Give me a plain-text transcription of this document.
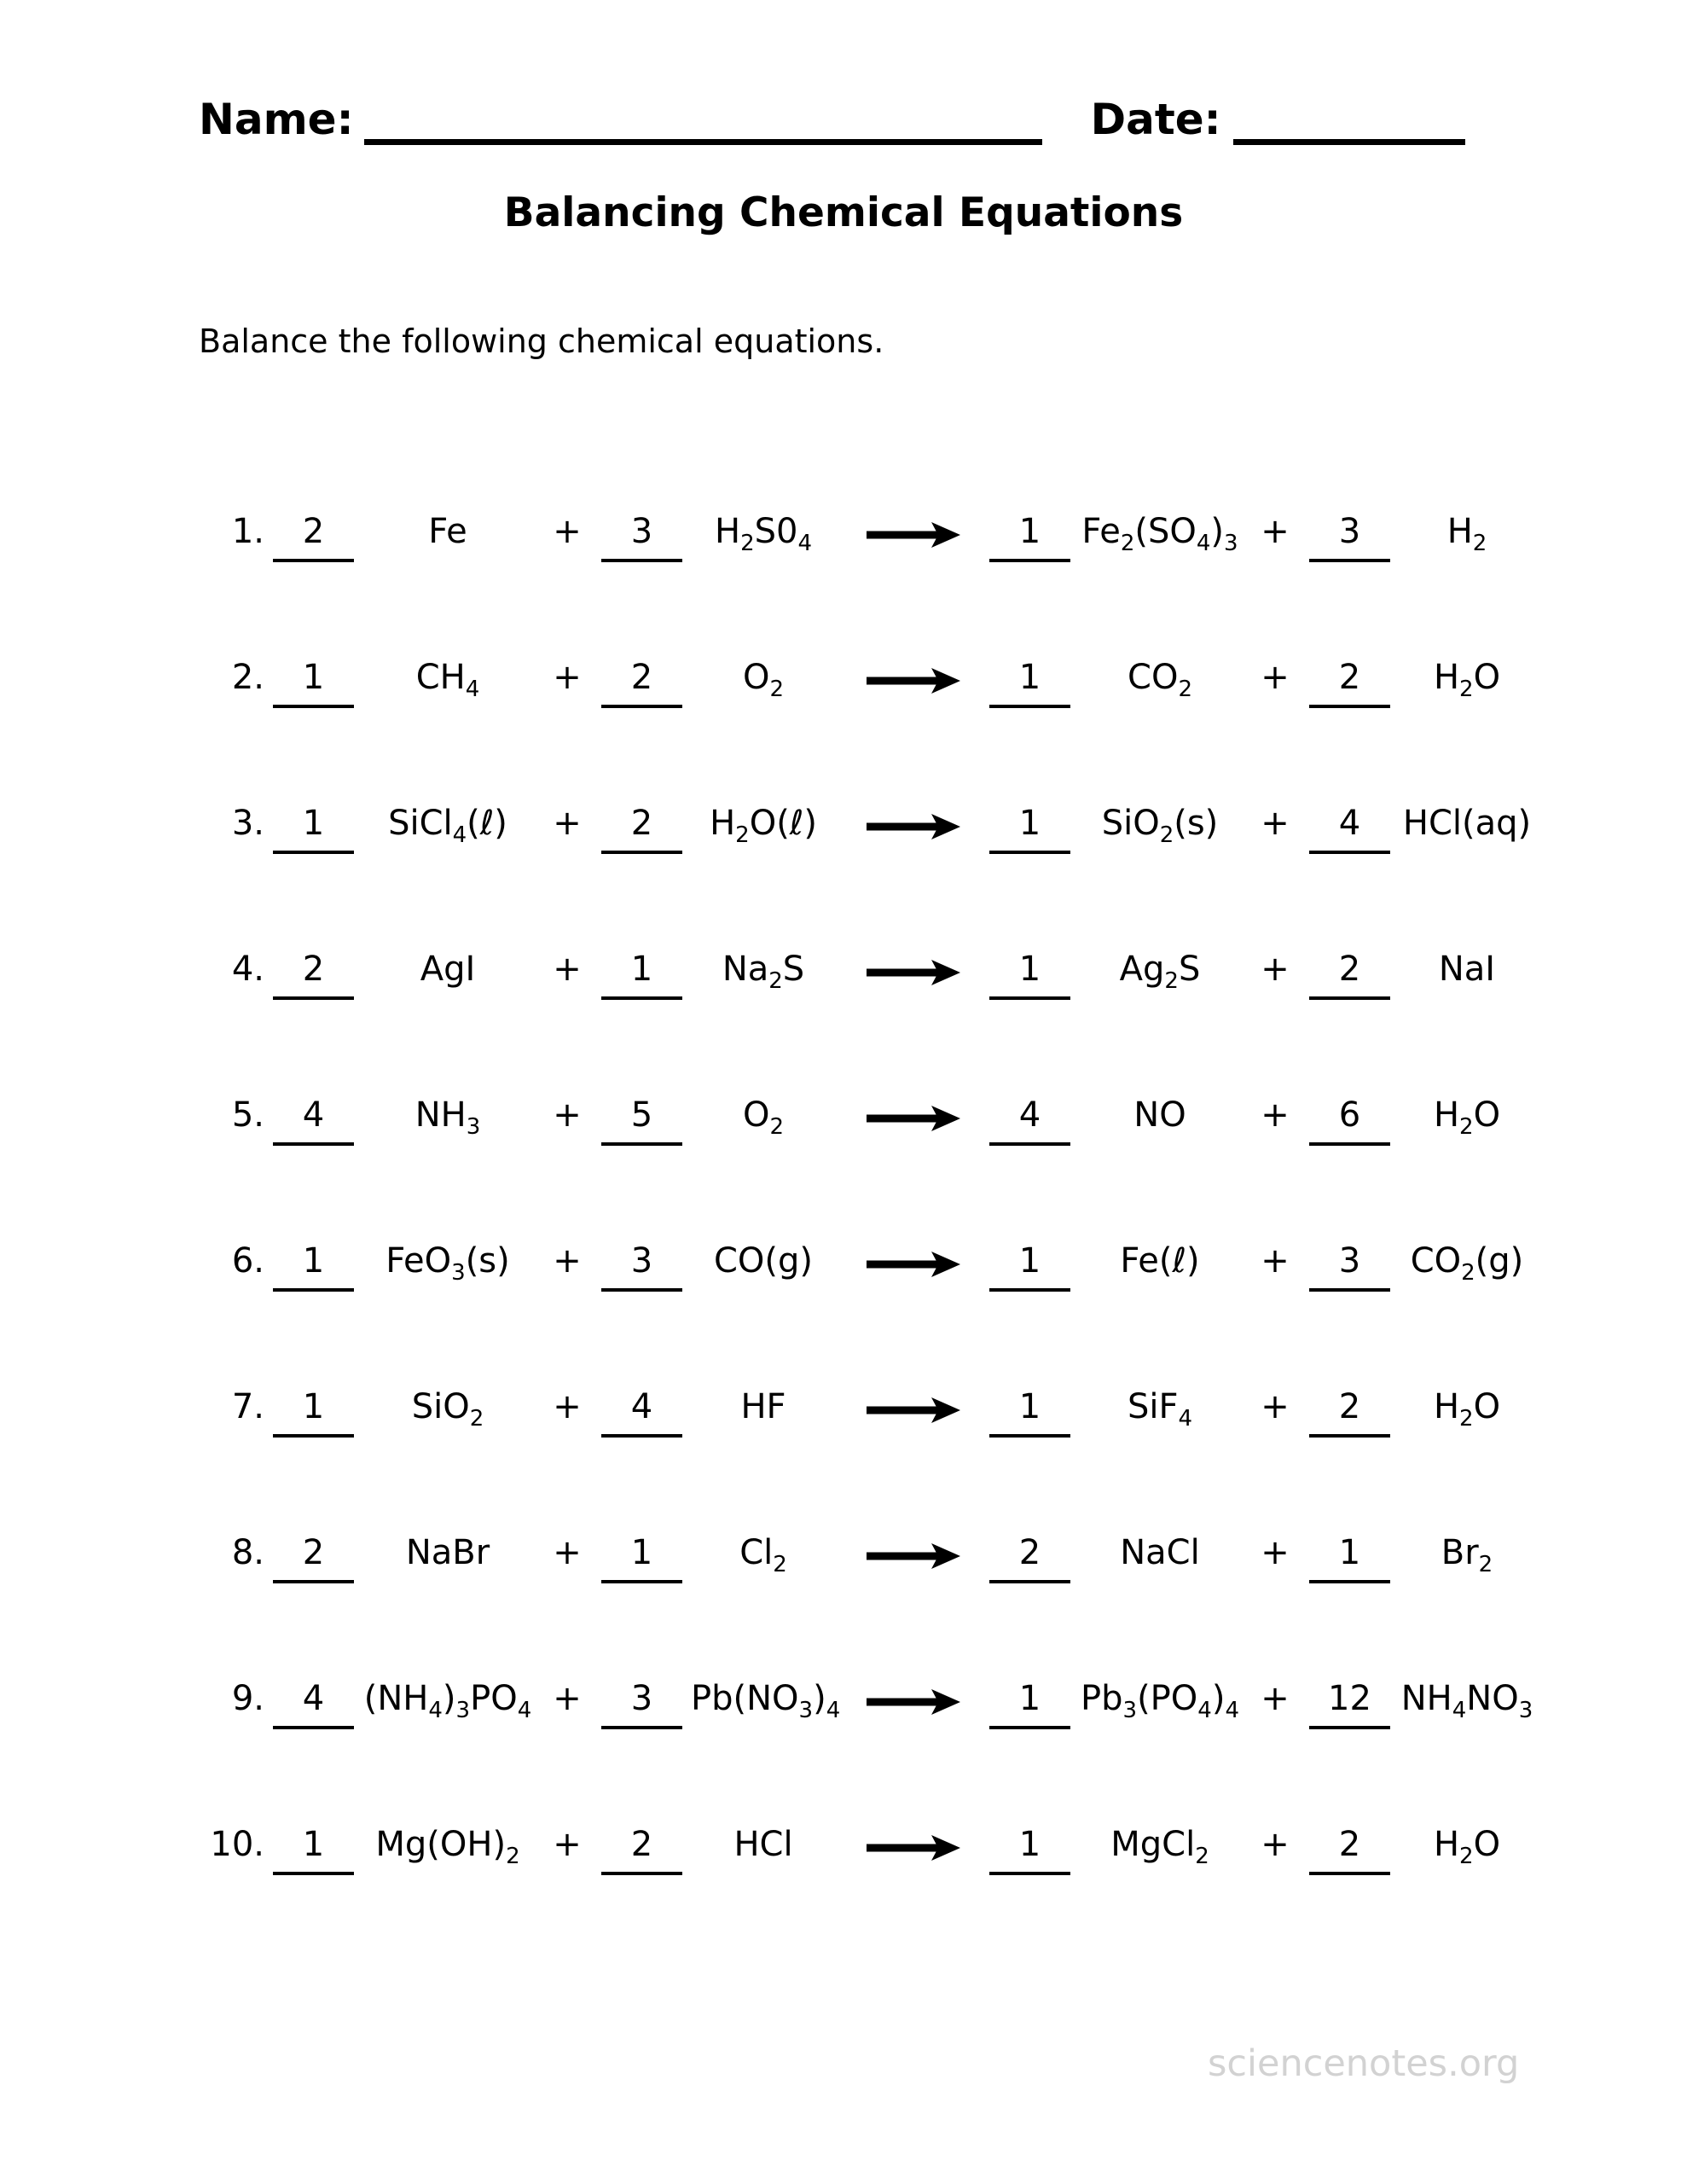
Name:	Date:
Balancing Chemical Equations

Balance the following chemical equations.

1.	2	Fe	+	3	$H_2S0_4$ →	1	$Fe_2(SO_4)_3$ +	3	$H_2$
2.	1	$CH_4$	+	2	$O_2$	→	1	$CO_2$	+	2	$H_2O$
3.	1	SiCl$_4$(ℓ)	+	2	$H_2O(\ell)$ →	1	SiO$_2$(s)	+	4	HCl(aq)
4.	2	AgI	+	1	$Na_2S$	→	1	$Ag_2S$	+	2	NaI
5.	4	$NH_3$	+	5	$O_2$	→	4	NO	+	6	$H_2O$
6.	1	FeO$_3$(s)	+	3	CO(g) →	1	Fe(ℓ)	+	3	$CO_2(g)$
7.	1	SiO$_2$	+	4	HF	→	1	SiF$_4$	+	2	$H_2O$
8.	2	NaBr	+	1	$Cl_2$	→	2	NaCl	+	1	$Br_2$
9.	4	$(NH_4)_3PO_4$ +	3	$Pb(NO_3)_4$ →	1	$Pb_3(PO_4)_4$ +	12 $NH_4NO_3$
10.	1	$Mg(OH)_2$ +	2	HCl	→	1	MgCl$_2$	+	2	$H_2O$
sciencenotes.org
